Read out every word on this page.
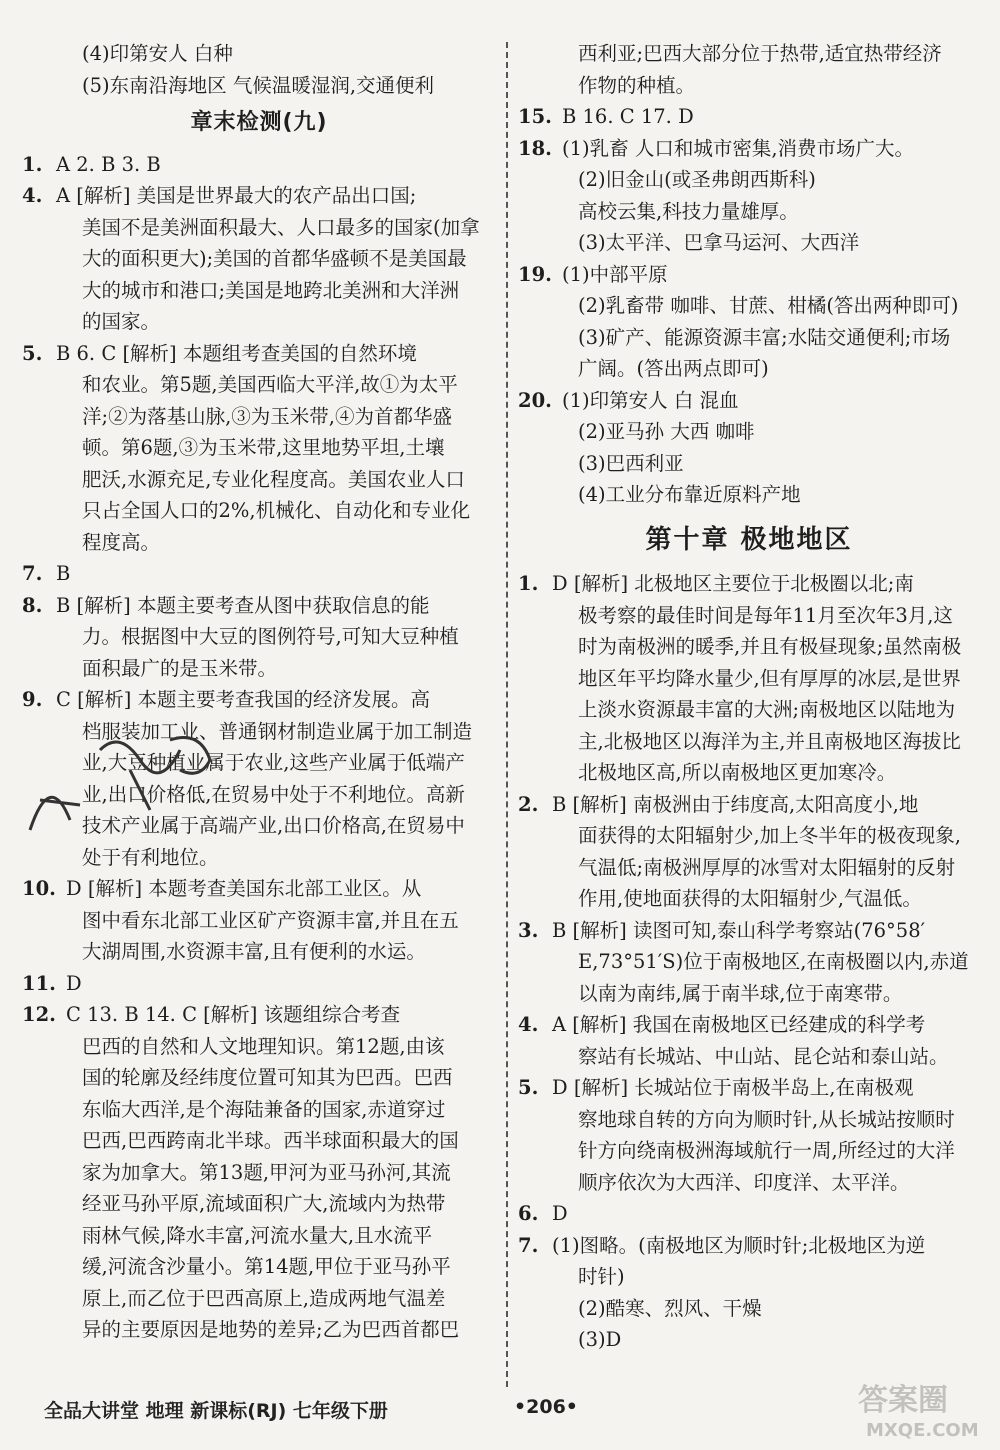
(4)印第安人 白种
(5)东南沿海地区 气候温暖湿润,交通便利
章末检测(九)
1. A 2. B 3. B
4. A [解析] 美国是世界最大的农产品出口国;
美国不是美洲面积最大、人口最多的国家(加拿
大的面积更大);美国的首都华盛顿不是美国最
大的城市和港口;美国是地跨北美洲和大洋洲
的国家。
5. B 6. C [解析] 本题组考查美国的自然环境
和农业。第5题,美国西临大平洋,故①为太平
洋;②为落基山脉,③为玉米带,④为首都华盛
顿。第6题,③为玉米带,这里地势平坦,土壤
肥沃,水源充足,专业化程度高。美国农业人口
只占全国人口的2%,机械化、自动化和专业化
程度高。
7. B
8. B [解析] 本题主要考查从图中获取信息的能
力。根据图中大豆的图例符号,可知大豆种植
面积最广的是玉米带。
9. C [解析] 本题主要考查我国的经济发展。高
档服装加工业、普通钢材制造业属于加工制造
业,大豆种植业属于农业,这些产业属于低端产
业,出口价格低,在贸易中处于不利地位。高新
技术产业属于高端产业,出口价格高,在贸易中
处于有利地位。
10. D [解析] 本题考查美国东北部工业区。从
图中看东北部工业区矿产资源丰富,并且在五
大湖周围,水资源丰富,且有便利的水运。
11. D
12. C 13. B 14. C [解析] 该题组综合考查
巴西的自然和人文地理知识。第12题,由该
国的轮廓及经纬度位置可知其为巴西。巴西
东临大西洋,是个海陆兼备的国家,赤道穿过
巴西,巴西跨南北半球。西半球面积最大的国
家为加拿大。第13题,甲河为亚马孙河,其流
经亚马孙平原,流域面积广大,流域内为热带
雨林气候,降水丰富,河流水量大,且水流平
缓,河流含沙量小。第14题,甲位于亚马孙平
原上,而乙位于巴西高原上,造成两地气温差
异的主要原因是地势的差异;乙为巴西首都巴
西利亚;巴西大部分位于热带,适宜热带经济
作物的种植。
15. B 16. C 17. D
18. (1)乳畜 人口和城市密集,消费市场广大。
(2)旧金山(或圣弗朗西斯科)
高校云集,科技力量雄厚。
(3)太平洋、巴拿马运河、大西洋
19. (1)中部平原
(2)乳畜带 咖啡、甘蔗、柑橘(答出两种即可)
(3)矿产、能源资源丰富;水陆交通便利;市场
广阔。(答出两点即可)
20. (1)印第安人 白 混血
(2)亚马孙 大西 咖啡
(3)巴西利亚
(4)工业分布靠近原料产地
第十章 极地地区
1. D [解析] 北极地区主要位于北极圈以北;南
极考察的最佳时间是每年11月至次年3月,这
时为南极洲的暖季,并且有极昼现象;虽然南极
地区年平均降水量少,但有厚厚的冰层,是世界
上淡水资源最丰富的大洲;南极地区以陆地为
主,北极地区以海洋为主,并且南极地区海拔比
北极地区高,所以南极地区更加寒冷。
2. B [解析] 南极洲由于纬度高,太阳高度小,地
面获得的太阳辐射少,加上冬半年的极夜现象,
气温低;南极洲厚厚的冰雪对太阳辐射的反射
作用,使地面获得的太阳辐射少,气温低。
3. B [解析] 读图可知,泰山科学考察站(76°58′
E,73°51′S)位于南极地区,在南极圈以内,赤道
以南为南纬,属于南半球,位于南寒带。
4. A [解析] 我国在南极地区已经建成的科学考
察站有长城站、中山站、昆仑站和泰山站。
5. D [解析] 长城站位于南极半岛上,在南极观
察地球自转的方向为顺时针,从长城站按顺时
针方向绕南极洲海域航行一周,所经过的大洋
顺序依次为大西洋、印度洋、太平洋。
6. D
7. (1)图略。(南极地区为顺时针;北极地区为逆
时针)
(2)酷寒、烈风、干燥
(3)D
全品大讲堂 地理 新课标(RJ) 七年级下册	•206•	答案圈
MXQE.COM
